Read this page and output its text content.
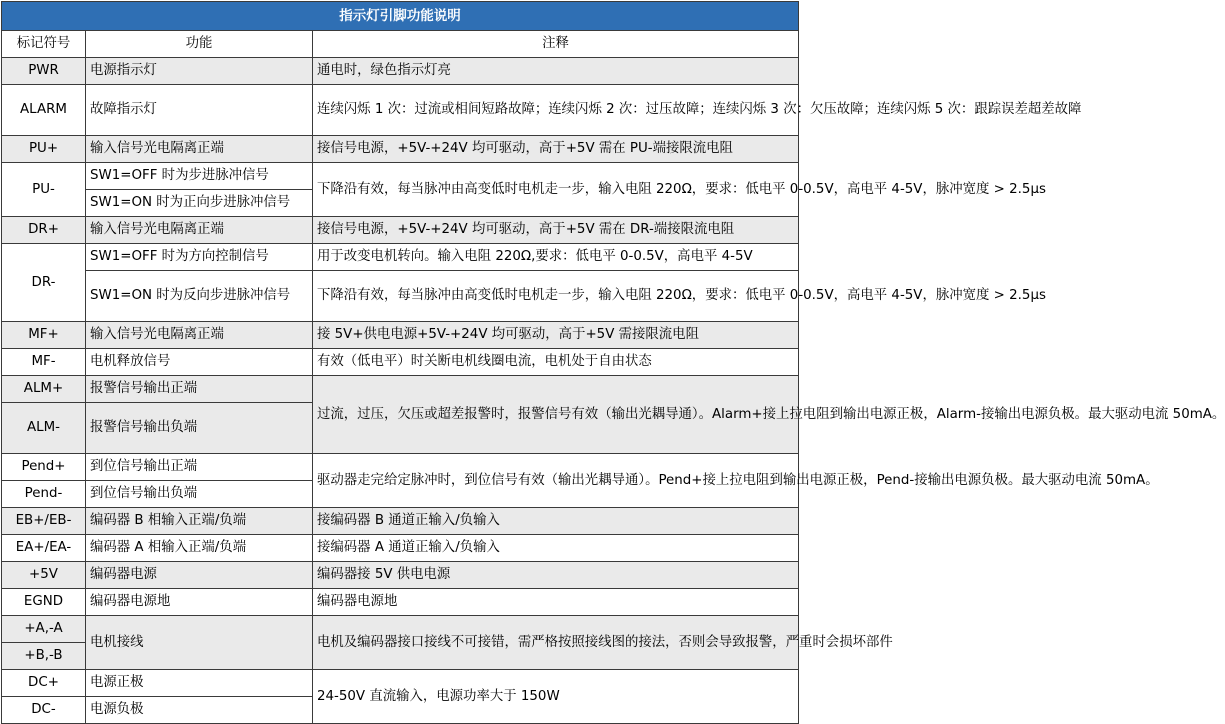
指示灯引脚功能说明		
标记符号	功能	注释
PWR	电源指示灯	通电时，绿色指示灯亮
ALARM	故障指示灯	连续闪烁 1 次：过流或相间短路故障；连续闪烁 2 次：过压故障；连续闪烁 3 次：欠压故障；连续闪烁 5 次：跟踪误差超差故障
PU+	输入信号光电隔离正端	接信号电源，+5V-+24V 均可驱动，高于+5V 需在 PU-端接限流电阻
PU-	SW1=OFF 时为步进脉冲信号	下降沿有效，每当脉冲由高变低时电机走一步，输入电阻 220Ω，要求：低电平 0-0.5V，高电平 4-5V，脉冲宽度 > 2.5μs
	SW1=ON 时为正向步进脉冲信号	
DR+	输入信号光电隔离正端	接信号电源，+5V-+24V 均可驱动，高于+5V 需在 DR-端接限流电阻
DR-	SW1=OFF 时为方向控制信号	用于改变电机转向。输入电阻 220Ω,要求：低电平 0-0.5V，高电平 4-5V
	SW1=ON 时为反向步进脉冲信号	下降沿有效，每当脉冲由高变低时电机走一步，输入电阻 220Ω，要求：低电平 0-0.5V，高电平 4-5V，脉冲宽度 > 2.5μs
MF+	输入信号光电隔离正端	接 5V+供电电源+5V-+24V 均可驱动，高于+5V 需接限流电阻
MF-	电机释放信号	有效（低电平）时关断电机线圈电流，电机处于自由状态
ALM+	报警信号输出正端	过流，过压，欠压或超差报警时，报警信号有效（输出光耦导通）。Alarm+接上拉电阻到输出电源正极，Alarm-接输出电源负极。最大驱动电流 50mA。
ALM-	报警信号输出负端	
Pend+	到位信号输出正端	驱动器走完给定脉冲时，到位信号有效（输出光耦导通）。Pend+接上拉电阻到输出电源正极，Pend-接输出电源负极。最大驱动电流 50mA。
Pend-	到位信号输出负端	
EB+/EB-	编码器 B 相输入正端/负端	接编码器 B 通道正输入/负输入
EA+/EA-	编码器 A 相输入正端/负端	接编码器 A 通道正输入/负输入
+5V	编码器电源	编码器接 5V 供电电源
EGND	编码器电源地	编码器电源地
+A,-A	电机接线	电机及编码器接口接线不可接错，需严格按照接线图的接法，否则会导致报警，严重时会损坏部件
+B,-B		
DC+	电源正极	24-50V 直流输入，电源功率大于 150W
DC-	电源负极	
